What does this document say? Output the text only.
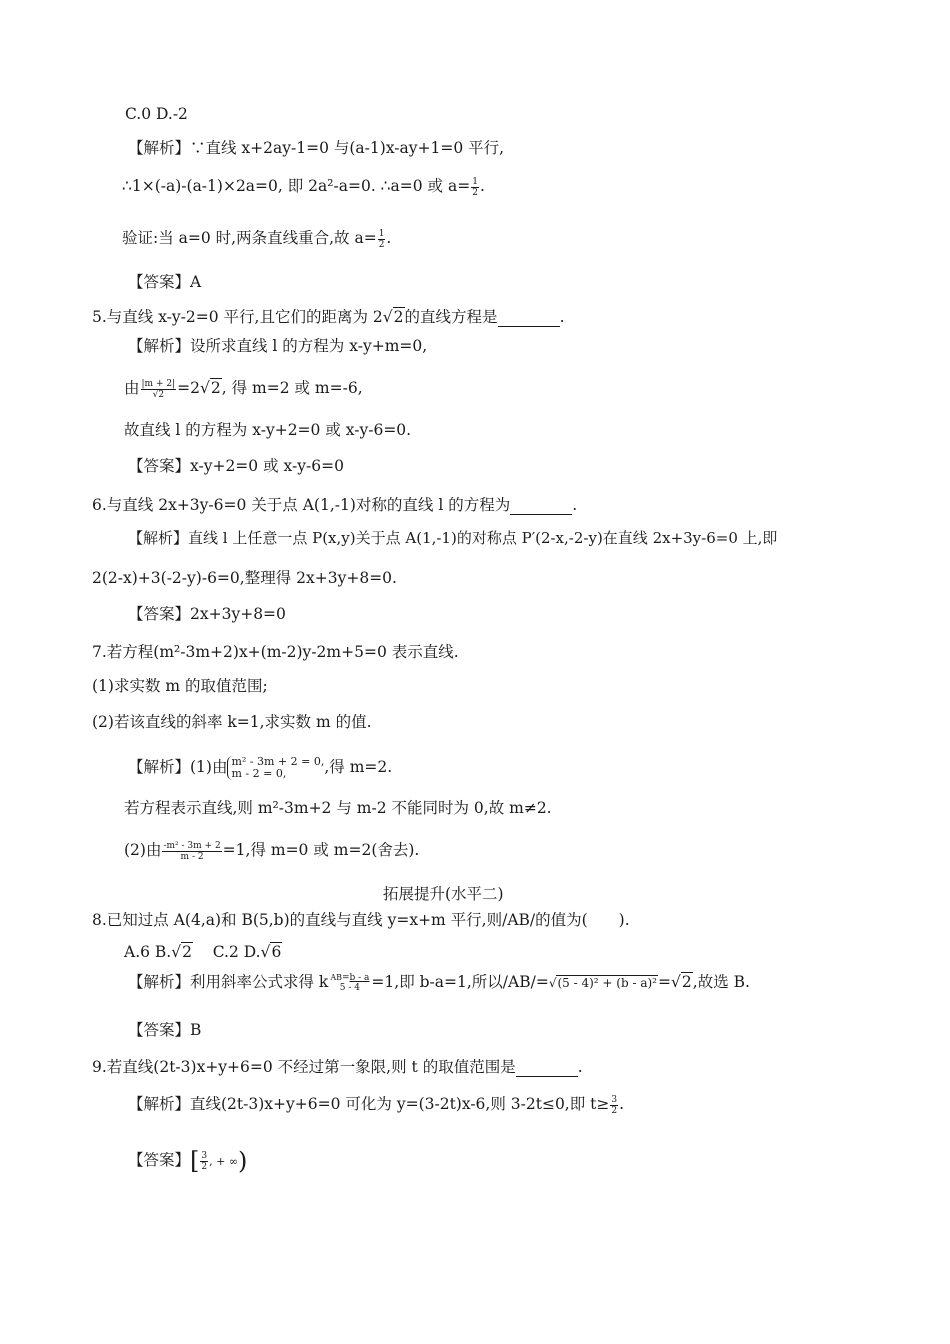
C.0 D.-2
【解析】∵直线 x+2ay-1=0 与(a-1)x-ay+1=0 平行,
∴1×(-a)-(a-1)×2a=0, 即 2a²-a=0. ∴a=0 或 $a= \frac{1}{2}$ .
验证:当 a=0 时,两条直线重合,故 $a= \frac{1}{2}$ .
【答案】A
5.与直线 x-y-2=0 平行,且它们的距离为 2√2的直线方程是	.
【解析】设所求直线 l 的方程为 x-y+m=0,
由 $\frac{|m + 2|}{√2} =2√2$, 得 m=2 或 m=-6,
故直线 l 的方程为 x-y+2=0 或 x-y-6=0.
【答案】x-y+2=0 或 x-y-6=0
6.与直线 2x+3y-6=0 关于点 A(1,-1)对称的直线 l 的方程为	.
【解析】直线 l 上任意一点 P(x,y)关于点 A(1,-1)的对称点 P′(2-x,-2-y)在直线 2x+3y-6=0 上,即
2(2-x)+3(-2-y)-6=0,整理得 2x+3y+8=0.
【答案】2x+3y+8=0
7.若方程(m²-3m+2)x+(m-2)y-2m+5=0 表示直线.
(1)求实数 m 的取值范围;
(2)若该直线的斜率 k=1,求实数 m 的值.
【解析】(1)由 m² - 3m + 2 = 0,
m - 2 = 0,	,得 m=2.
若方程表示直线,则 m²-3m+2 与 m-2 不能同时为 0,故 m≠2.
(2)由 $\frac{\text{-m² - 3m + 2}}{m - 2} =1$,得 m=0 或 m=2(舍去).
拓展提升(水平二)
8.已知过点 A(4,a)和 B(5,b)的直线与直线 y=x+m 平行,则/AB/的值为(　　).
A.6 B.√2 C.2 D.√6
【解析】利用斜率公式求得 k AB=b - a
5 - 4 =1,即 b-a=1,所以/AB/=√(5 - 4)² + (b - a)²=√2,故选 B.
【答案】B
9.若直线(2t-3)x+y+6=0 不经过第一象限,则 t 的取值范围是	.
【解析】直线(2t-3)x+y+6=0 可化为 y=(3-2t)x-6,则 3-2t≤0,即 $t\ge \frac{3}{2}$ .
【答案】[ $\frac{3}{2}$ , + ∞)
